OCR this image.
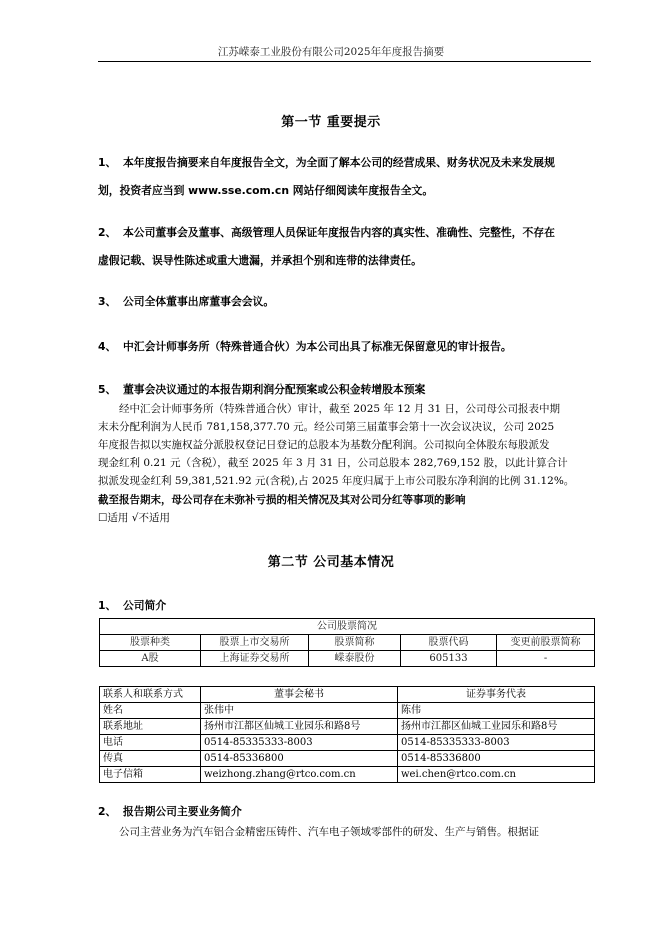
江苏嵘泰工业股份有限公司2025年年度报告摘要
第一节 重要提示
1、 本年度报告摘要来自年度报告全文，为全面了解本公司的经营成果、财务状况及未来发展规
划，投资者应当到 www.sse.com.cn 网站仔细阅读年度报告全文。
2、 本公司董事会及董事、高级管理人员保证年度报告内容的真实性、准确性、完整性，不存在
虚假记载、误导性陈述或重大遗漏，并承担个别和连带的法律责任。
3、 公司全体董事出席董事会会议。
4、 中汇会计师事务所（特殊普通合伙）为本公司出具了标准无保留意见的审计报告。
5、 董事会决议通过的本报告期利润分配预案或公积金转增股本预案
经中汇会计师事务所（特殊普通合伙）审计，截至 2025 年 12 月 31 日，公司母公司报表中期
末未分配利润为人民币 781,158,377.70 元。经公司第三届董事会第十一次会议决议，公司 2025
年度报告拟以实施权益分派股权登记日登记的总股本为基数分配利润。公司拟向全体股东每股派发
现金红利 0.21 元（含税），截至 2025 年 3 月 31 日，公司总股本 282,769,152 股，以此计算合计
拟派发现金红利 59,381,521.92 元(含税),占 2025 年度归属于上市公司股东净利润的比例 31.12%。
截至报告期末，母公司存在未弥补亏损的相关情况及其对公司分红等事项的影响
☐适用 √不适用
第二节 公司基本情况
1、 公司简介
公司股票简况				
股票种类	股票上市交易所	股票简称	股票代码	变更前股票简称
A股	上海证券交易所	嵘泰股份	605133	-
联系人和联系方式	董事会秘书	证券事务代表
姓名	张伟中	陈伟
联系地址	扬州市江都区仙城工业园乐和路8号	扬州市江都区仙城工业园乐和路8号
电话	0514-85335333-8003	0514-85335333-8003
传真	0514-85336800	0514-85336800
电子信箱	weizhong.zhang@rtco.com.cn	wei.chen@rtco.com.cn
2、 报告期公司主要业务简介
公司主营业务为汽车铝合金精密压铸件、汽车电子领域零部件的研发、生产与销售。根据证
